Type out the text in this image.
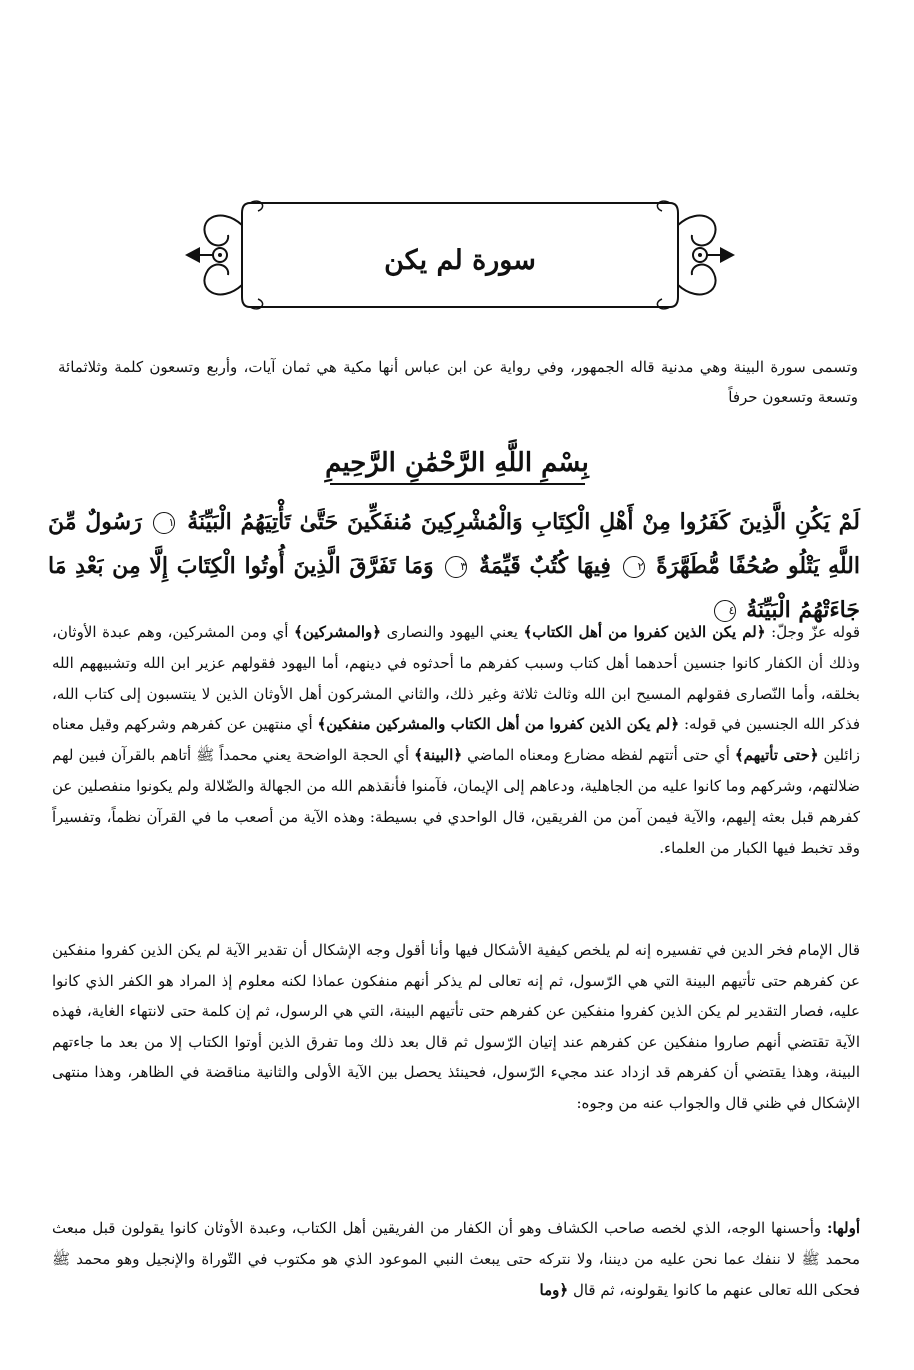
سورة لم يكن
وتسمى سورة البينة وهي مدنية قاله الجمهور، وفي رواية عن ابن عباس أنها مكية هي ثمان آيات، وأربع وتسعون كلمة وثلاثمائة وتسعة وتسعون حرفاً
بِسْمِ اللَّهِ الرَّحْمَٰنِ الرَّحِيمِ
لَمْ يَكُنِ الَّذِينَ كَفَرُوا مِنْ أَهْلِ الْكِتَابِ وَالْمُشْرِكِينَ مُنفَكِّينَ حَتَّىٰ تَأْتِيَهُمُ الْبَيِّنَةُ ١ رَسُولٌ مِّنَ اللَّهِ يَتْلُو صُحُفًا مُّطَهَّرَةً ٢ فِيهَا كُتُبٌ قَيِّمَةٌ ٣ وَمَا تَفَرَّقَ الَّذِينَ أُوتُوا الْكِتَابَ إِلَّا مِن بَعْدِ مَا جَاءَتْهُمُ الْبَيِّنَةُ ٤
قوله عزّ وجلّ: ﴿لم يكن الذين كفروا من أهل الكتاب﴾ يعني اليهود والنصارى ﴿والمشركين﴾ أي ومن المشركين، وهم عبدة الأوثان، وذلك أن الكفار كانوا جنسين أحدهما أهل كتاب وسبب كفرهم ما أحدثوه في دينهم، أما اليهود فقولهم عزير ابن الله وتشبيههم الله بخلقه، وأما النّصارى فقولهم المسيح ابن الله وثالث ثلاثة وغير ذلك، والثاني المشركون أهل الأوثان الذين لا ينتسبون إلى كتاب الله، فذكر الله الجنسين في قوله: ﴿لم يكن الذين كفروا من أهل الكتاب والمشركين منفكين﴾ أي منتهين عن كفرهم وشركهم وقيل معناه زائلين ﴿حتى تأتيهم﴾ أي حتى أتتهم لفظه مضارع ومعناه الماضي ﴿البينة﴾ أي الحجة الواضحة يعني محمداً ﷺ أتاهم بالقرآن فبين لهم ضلالتهم، وشركهم وما كانوا عليه من الجاهلية، ودعاهم إلى الإيمان، فآمنوا فأنقذهم الله من الجهالة والضّلالة ولم يكونوا منفصلين عن كفرهم قبل بعثه إليهم، والآية فيمن آمن من الفريقين، قال الواحدي في بسيطة: وهذه الآية من أصعب ما في القرآن نظماً، وتفسيراً وقد تخبط فيها الكبار من العلماء.
قال الإمام فخر الدين في تفسيره إنه لم يلخص كيفية الأشكال فيها وأنا أقول وجه الإشكال أن تقدير الآية لم يكن الذين كفروا منفكين عن كفرهم حتى تأتيهم البينة التي هي الرّسول، ثم إنه تعالى لم يذكر أنهم منفكون عماذا لكنه معلوم إذ المراد هو الكفر الذي كانوا عليه، فصار التقدير لم يكن الذين كفروا منفكين عن كفرهم حتى تأتيهم البينة، التي هي الرسول، ثم إن كلمة حتى لانتهاء الغاية، فهذه الآية تقتضي أنهم صاروا منفكين عن كفرهم عند إتيان الرّسول ثم قال بعد ذلك وما تفرق الذين أوتوا الكتاب إلا من بعد ما جاءتهم البينة، وهذا يقتضي أن كفرهم قد ازداد عند مجيء الرّسول، فحينئذ يحصل بين الآية الأولى والثانية مناقضة في الظاهر، وهذا منتهى الإشكال في ظني قال والجواب عنه من وجوه:
أولها: وأحسنها الوجه، الذي لخصه صاحب الكشاف وهو أن الكفار من الفريقين أهل الكتاب، وعبدة الأوثان كانوا يقولون قبل مبعث محمد ﷺ لا ننفك عما نحن عليه من ديننا، ولا نتركه حتى يبعث النبي الموعود الذي هو مكتوب في التّوراة والإنجيل وهو محمد ﷺ فحكى الله تعالى عنهم ما كانوا يقولونه، ثم قال ﴿وما
